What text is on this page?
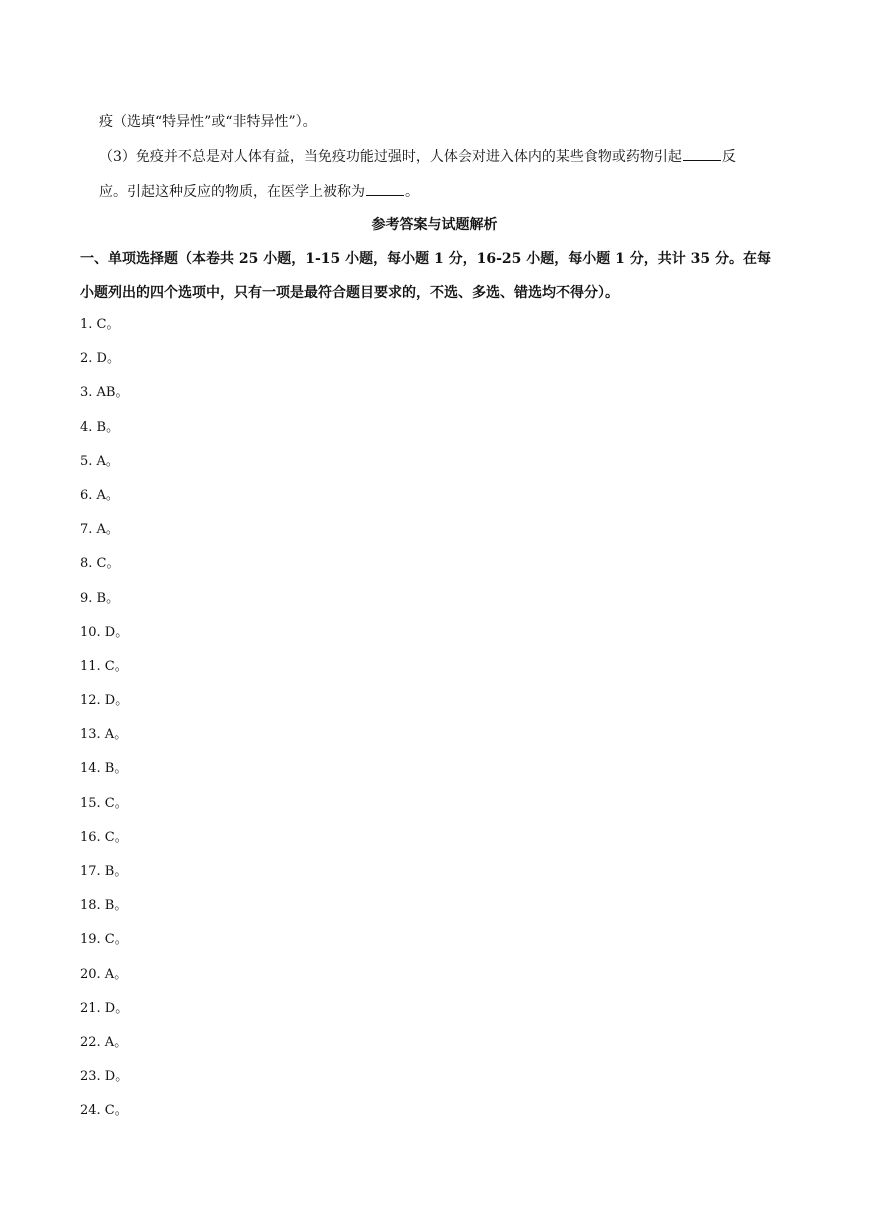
疫（选填“特异性”或“非特异性”）。
（3）免疫并不总是对人体有益，当免疫功能过强时，人体会对进入体内的某些食物或药物引起	反
应。引起这种反应的物质，在医学上被称为	。
参考答案与试题解析
一、单项选择题（本卷共 25 小题，1-15 小题，每小题 1 分，16-25 小题，每小题 1 分，共计 35 分。在每
小题列出的四个选项中，只有一项是最符合题目要求的，不选、多选、错选均不得分）。
1. C。
2. D。
3. AB。
4. B。
5. A。
6. A。
7. A。
8. C。
9. B。
10. D。
11. C。
12. D。
13. A。
14. B。
15. C。
16. C。
17. B。
18. B。
19. C。
20. A。
21. D。
22. A。
23. D。
24. C。
